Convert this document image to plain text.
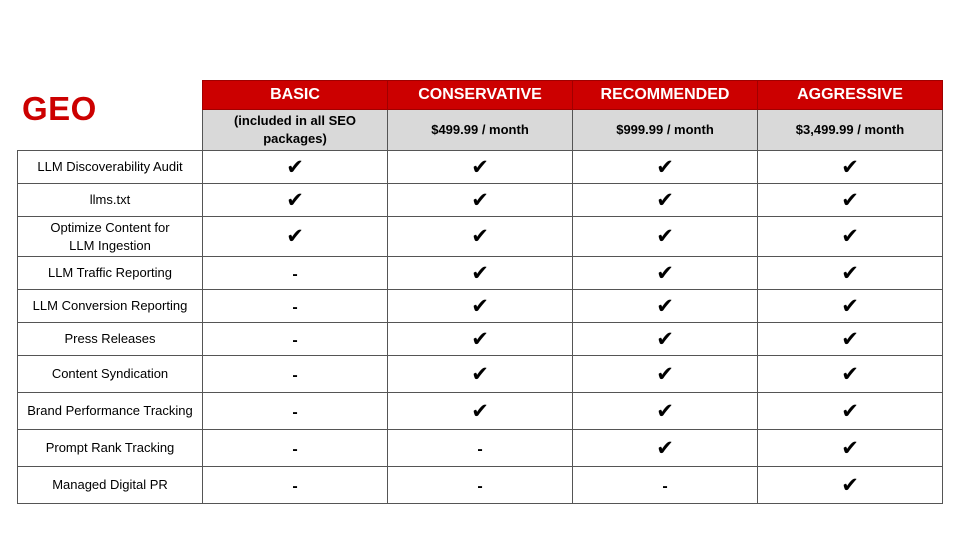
GEO
		BASIC	CONSERVATIVE	RECOMMENDED	AGGRESSIVE

	(included in all SEO packages)	$499.99 / month	$999.99 / month	$3,499.99 / month

LLM Discoverability Audit	✔	✔	✔	✔

llms.txt	✔	✔	✔	✔

Optimize Content for LLM Ingestion	✔	✔	✔	✔

LLM Traffic Reporting	-	✔	✔	✔

LLM Conversion Reporting	-	✔	✔	✔

Press Releases	-	✔	✔	✔

Content Syndication	-	✔	✔	✔

Brand Performance Tracking	-	✔	✔	✔

Prompt Rank Tracking	-	-	✔	✔

Managed Digital PR	-	-	-	✔
